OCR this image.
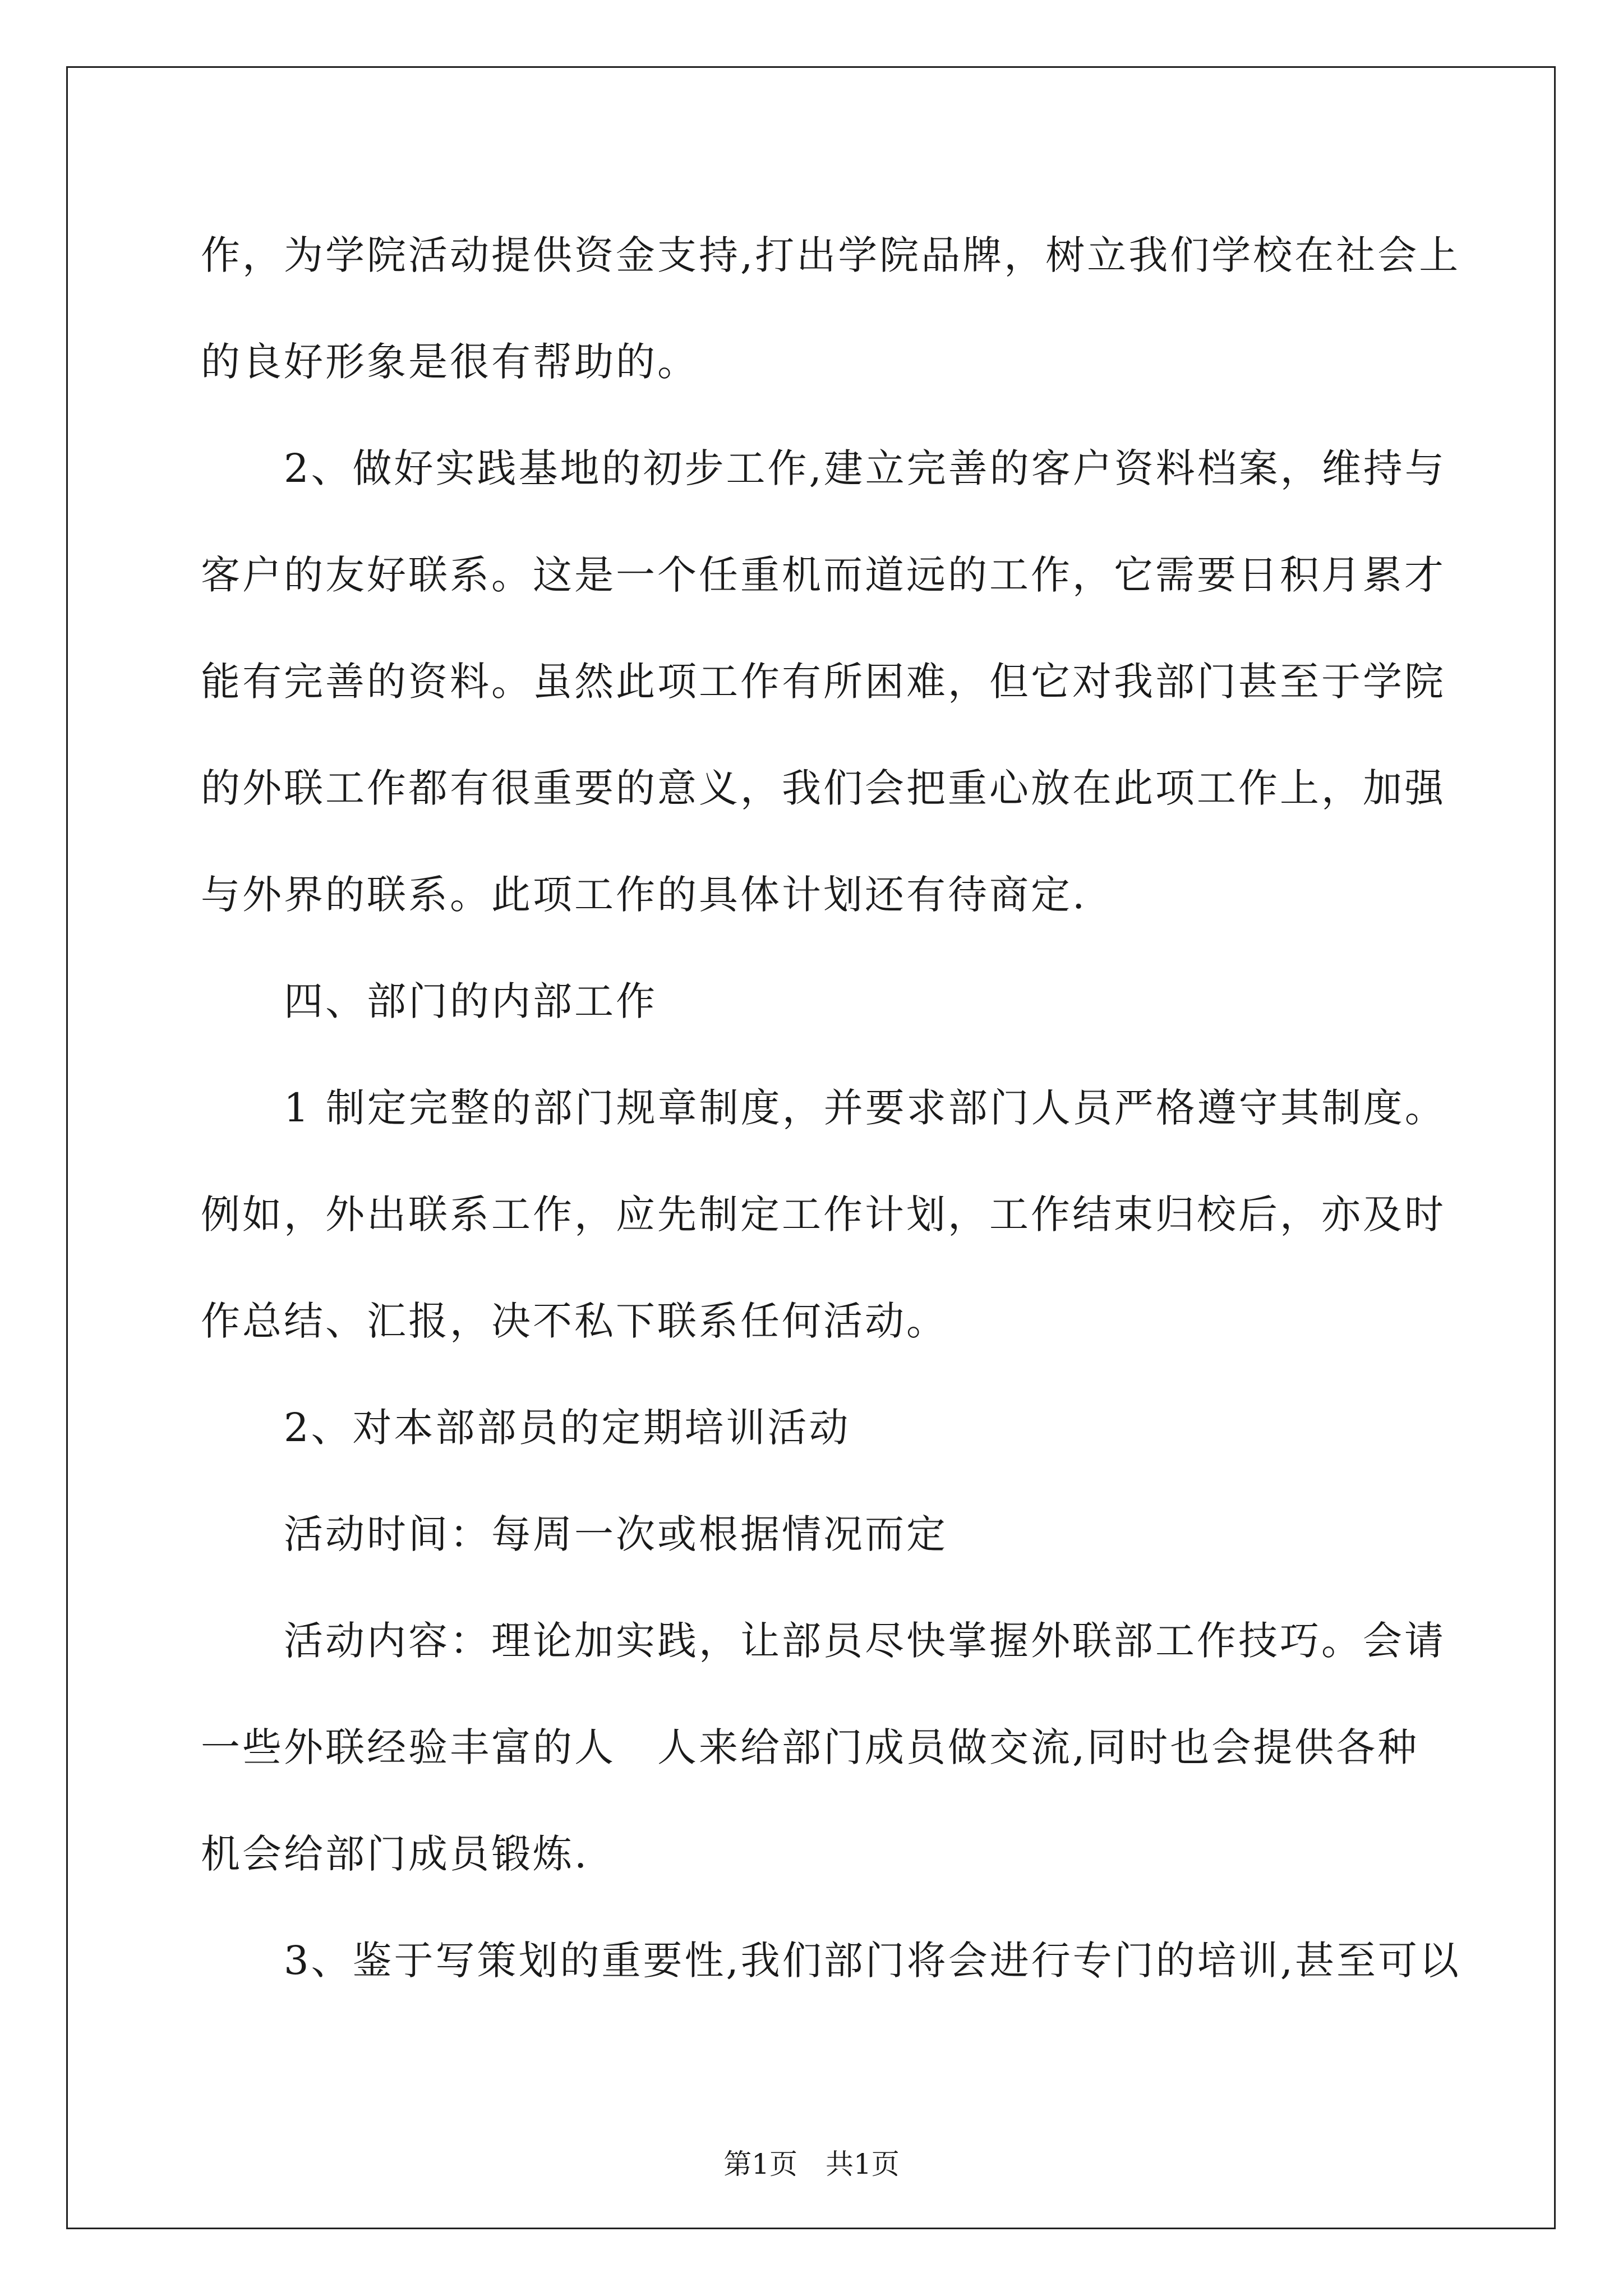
作，为学院活动提供资金支持,打出学院品牌，树立我们学校在社会上
的良好形象是很有帮助的。
　　2、做好实践基地的初步工作,建立完善的客户资料档案，维持与
客户的友好联系。这是一个任重机而道远的工作，它需要日积月累才
能有完善的资料。虽然此项工作有所困难，但它对我部门甚至于学院
的外联工作都有很重要的意义，我们会把重心放在此项工作上，加强
与外界的联系。此项工作的具体计划还有待商定.
　　四、部门的内部工作
　　1 制定完整的部门规章制度，并要求部门人员严格遵守其制度。
例如，外出联系工作，应先制定工作计划，工作结束归校后，亦及时
作总结、汇报，决不私下联系任何活动。
　　2、对本部部员的定期培训活动
　　活动时间：每周一次或根据情况而定
　　活动内容：理论加实践，让部员尽快掌握外联部工作技巧。会请
一些外联经验丰富的人　人来给部门成员做交流,同时也会提供各种
机会给部门成员锻炼.
　　3、鉴于写策划的重要性,我们部门将会进行专门的培训,甚至可以
第1页　共1页
